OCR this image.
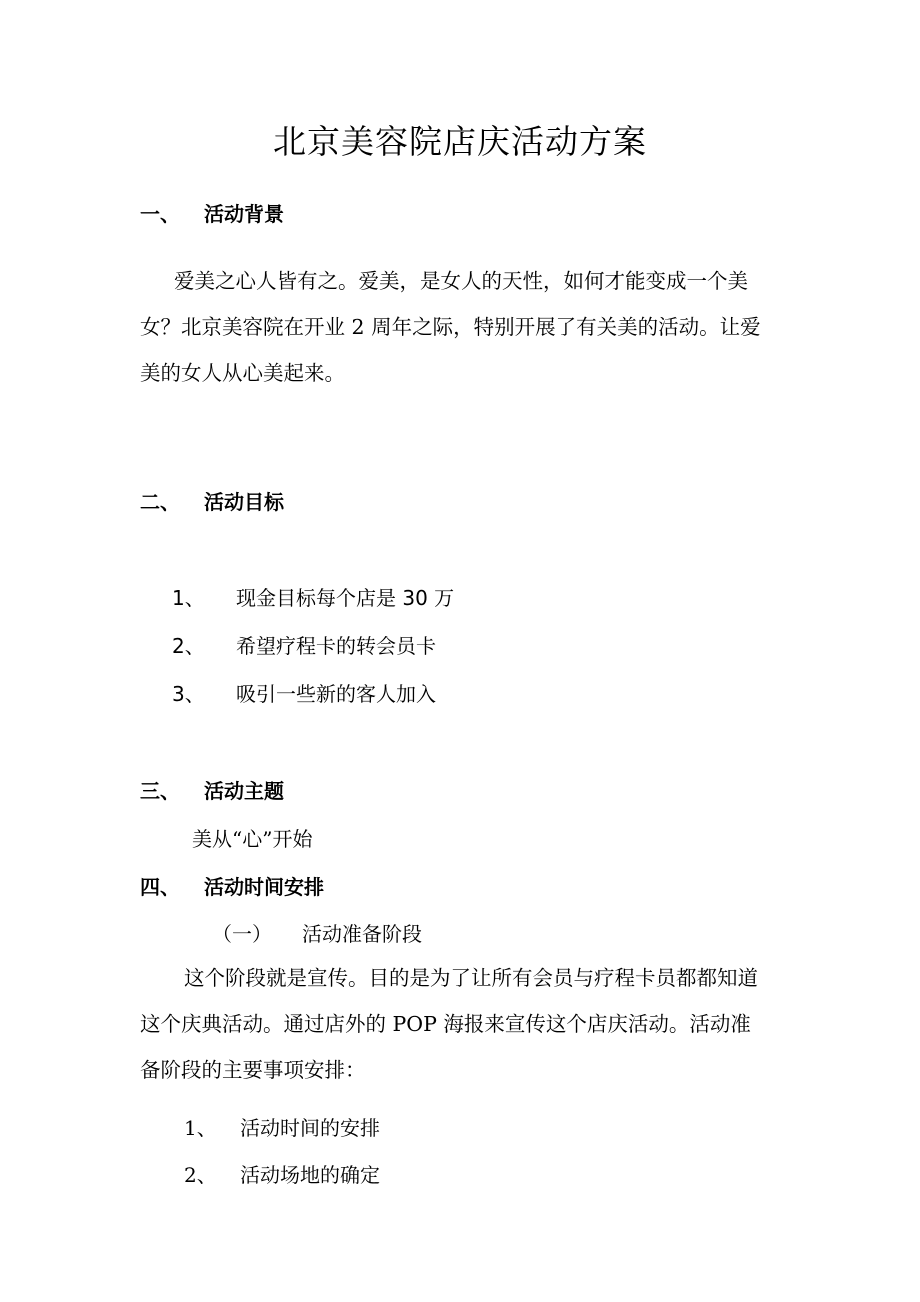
北京美容院店庆活动方案
一、 活动背景
爱美之心人皆有之。爱美，是女人的天性，如何才能变成一个美
女？北京美容院在开业 2 周年之际，特别开展了有关美的活动。让爱
美的女人从心美起来。
二、 活动目标
1、 现金目标每个店是 30 万
2、 希望疗程卡的转会员卡
3、 吸引一些新的客人加入
三、 活动主题
美从“心”开始
四、 活动时间安排
（一） 活动准备阶段
这个阶段就是宣传。目的是为了让所有会员与疗程卡员都都知道
这个庆典活动。通过店外的 POP 海报来宣传这个店庆活动。活动准
备阶段的主要事项安排：
1、 活动时间的安排
2、 活动场地的确定
